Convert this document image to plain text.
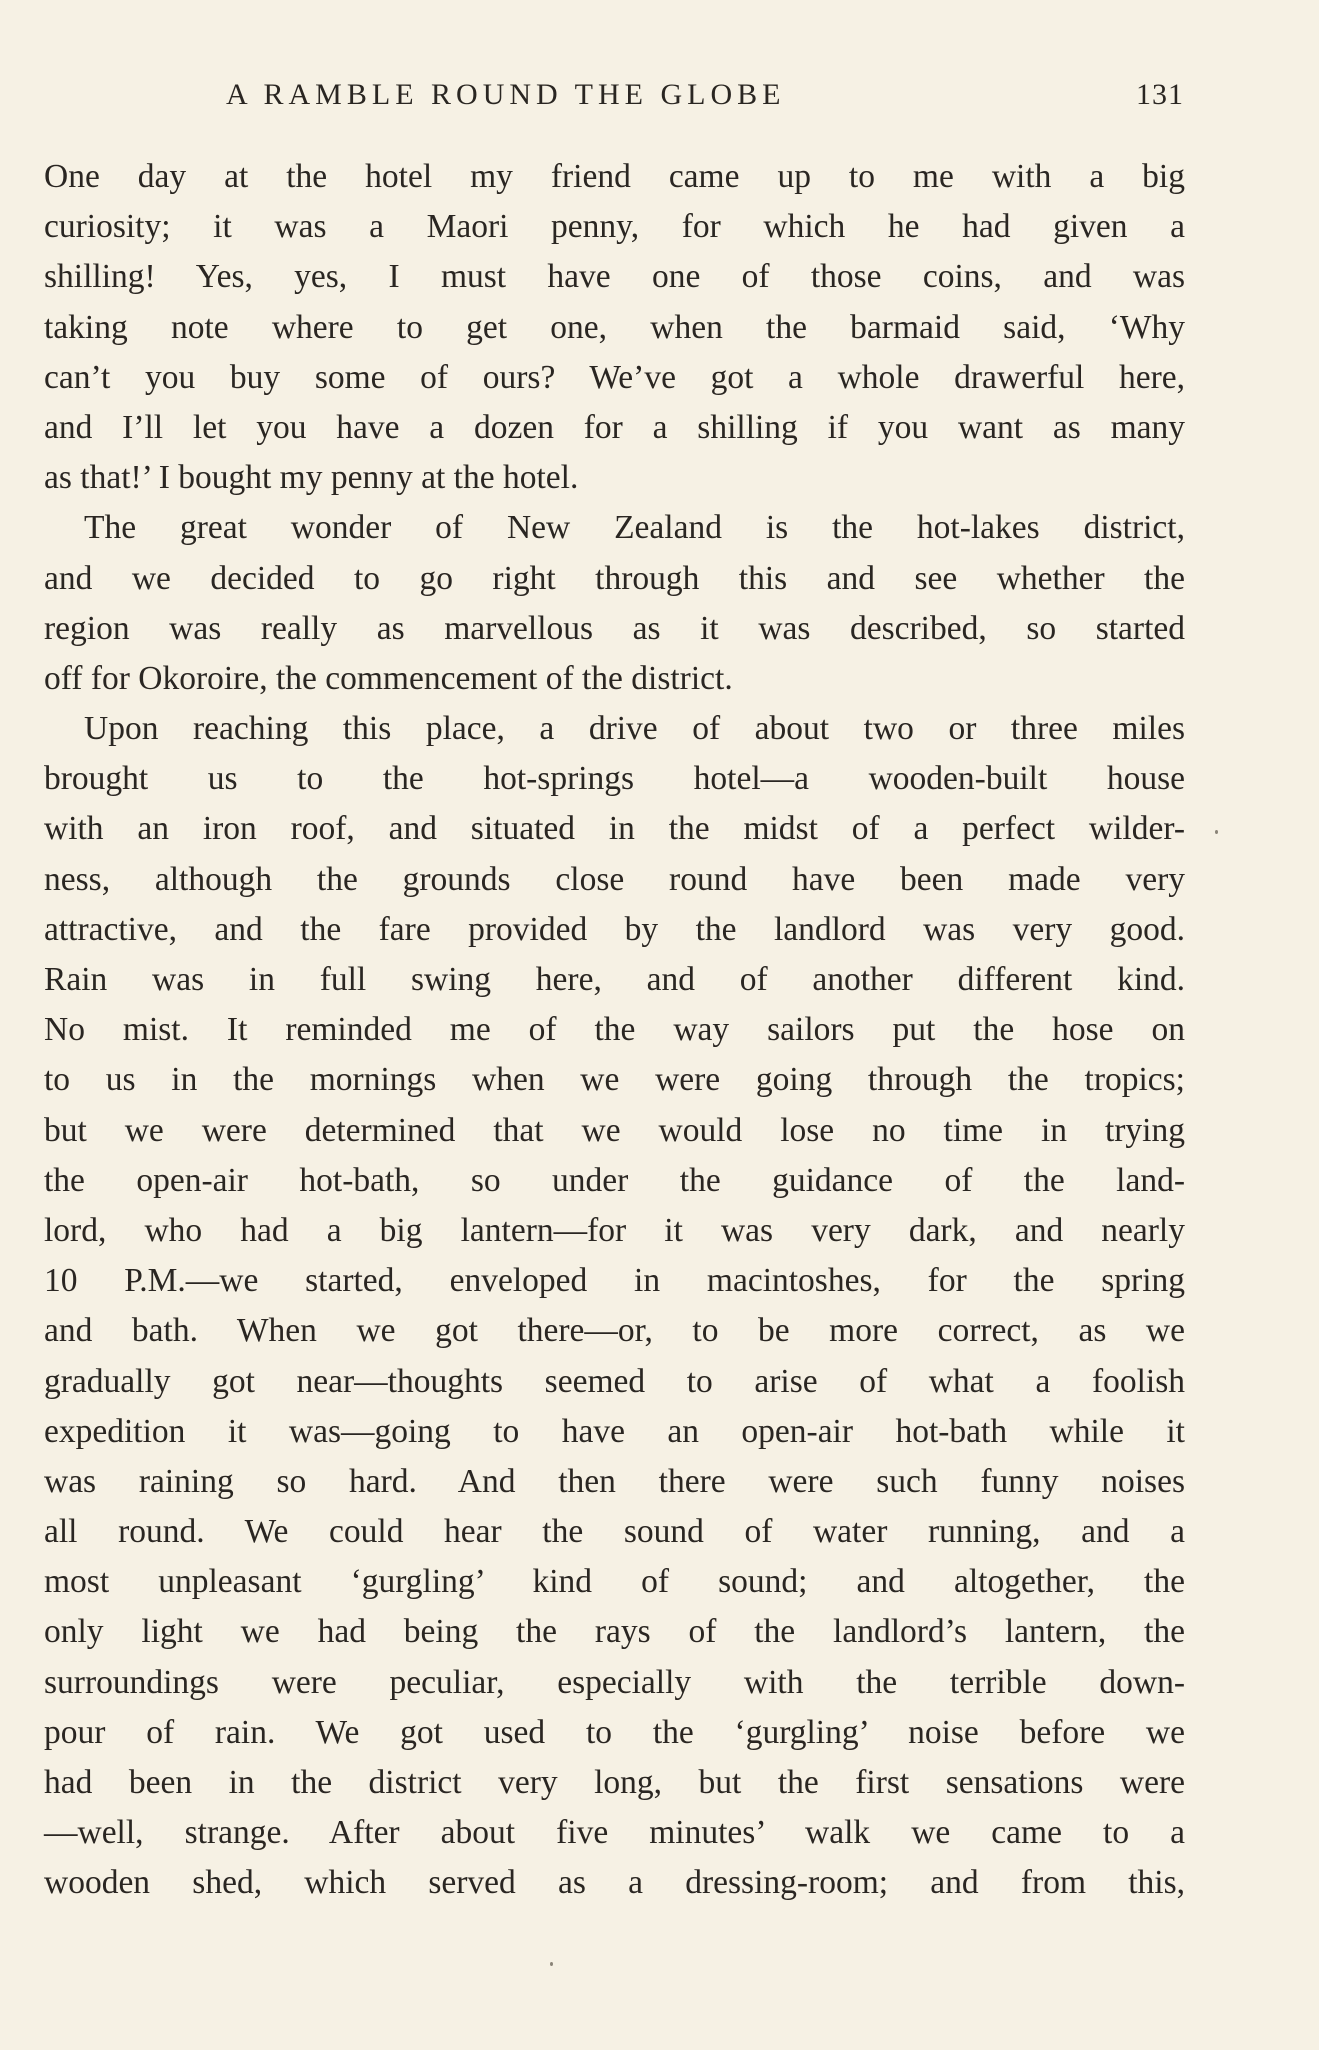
A RAMBLE ROUND THE GLOBE	131
One day at the hotel my friend came up to me with a big
curiosity; it was a Maori penny, for which he had given a
shilling! Yes, yes, I must have one of those coins, and was
taking note where to get one, when the barmaid said, ‘Why
can’t you buy some of ours? We’ve got a whole drawerful here,
and I’ll let you have a dozen for a shilling if you want as many
as that!’ I bought my penny at the hotel.
The great wonder of New Zealand is the hot-lakes district,
and we decided to go right through this and see whether the
region was really as marvellous as it was described, so started
off for Okoroire, the commencement of the district.
Upon reaching this place, a drive of about two or three miles
brought us to the hot-springs hotel—a wooden-built house
with an iron roof, and situated in the midst of a perfect wilder-
ness, although the grounds close round have been made very
attractive, and the fare provided by the landlord was very good.
Rain was in full swing here, and of another different kind.
No mist. It reminded me of the way sailors put the hose on
to us in the mornings when we were going through the tropics;
but we were determined that we would lose no time in trying
the open-air hot-bath, so under the guidance of the land-
lord, who had a big lantern—for it was very dark, and nearly
10 P.M.—we started, enveloped in macintoshes, for the spring
and bath. When we got there—or, to be more correct, as we
gradually got near—thoughts seemed to arise of what a foolish
expedition it was—going to have an open-air hot-bath while it
was raining so hard. And then there were such funny noises
all round. We could hear the sound of water running, and a
most unpleasant ‘gurgling’ kind of sound; and altogether, the
only light we had being the rays of the landlord’s lantern, the
surroundings were peculiar, especially with the terrible down-
pour of rain. We got used to the ‘gurgling’ noise before we
had been in the district very long, but the first sensations were
—well, strange. After about five minutes’ walk we came to a
wooden shed, which served as a dressing-room; and from this,
